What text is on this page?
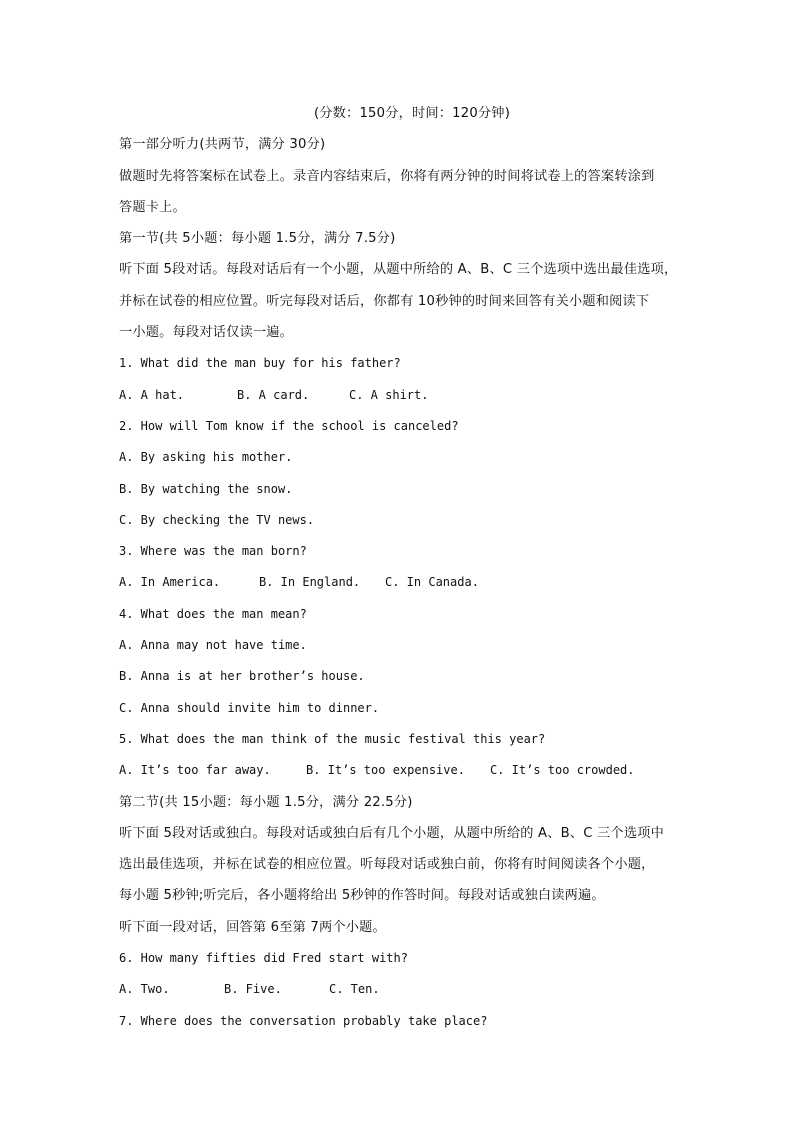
(分数：150分，时间：120分钟)
第一部分听力(共两节，满分 30分)
做题时先将答案标在试卷上。录音内容结束后，你将有两分钟的时间将试卷上的答案转涂到
答题卡上。
第一节(共 5小题：每小题 1.5分，满分 7.5分)
听下面 5段对话。每段对话后有一个小题，从题中所给的 A、B、C 三个选项中选出最佳选项，
并标在试卷的相应位置。听完每段对话后，你都有 10秒钟的时间来回答有关小题和阅读下
一小题。每段对话仅读一遍。
1. What did the man buy for his father?
A. A hat.	B. A card.	C. A shirt.
2. How will Tom know if the school is canceled?
A. By asking his mother.
B. By watching the snow.
C. By checking the TV news.
3. Where was the man born?
A. In America.	B. In England.	C. In Canada.
4. What does the man mean?
A. Anna may not have time.
B. Anna is at her brother’s house.
C. Anna should invite him to dinner.
5. What does the man think of the music festival this year?
A. It’s too far away.	B. It’s too expensive.	C. It’s too crowded.
第二节(共 15小题：每小题 1.5分，满分 22.5分)
听下面 5段对话或独白。每段对话或独白后有几个小题，从题中所给的 A、B、C 三个选项中
选出最佳选项，并标在试卷的相应位置。听每段对话或独白前，你将有时间阅读各个小题，
每小题 5秒钟;听完后，各小题将给出 5秒钟的作答时间。每段对话或独白读两遍。
听下面一段对话，回答第 6至第 7两个小题。
6. How many fifties did Fred start with?
A. Two.	B. Five.	C. Ten.
7. Where does the conversation probably take place?
